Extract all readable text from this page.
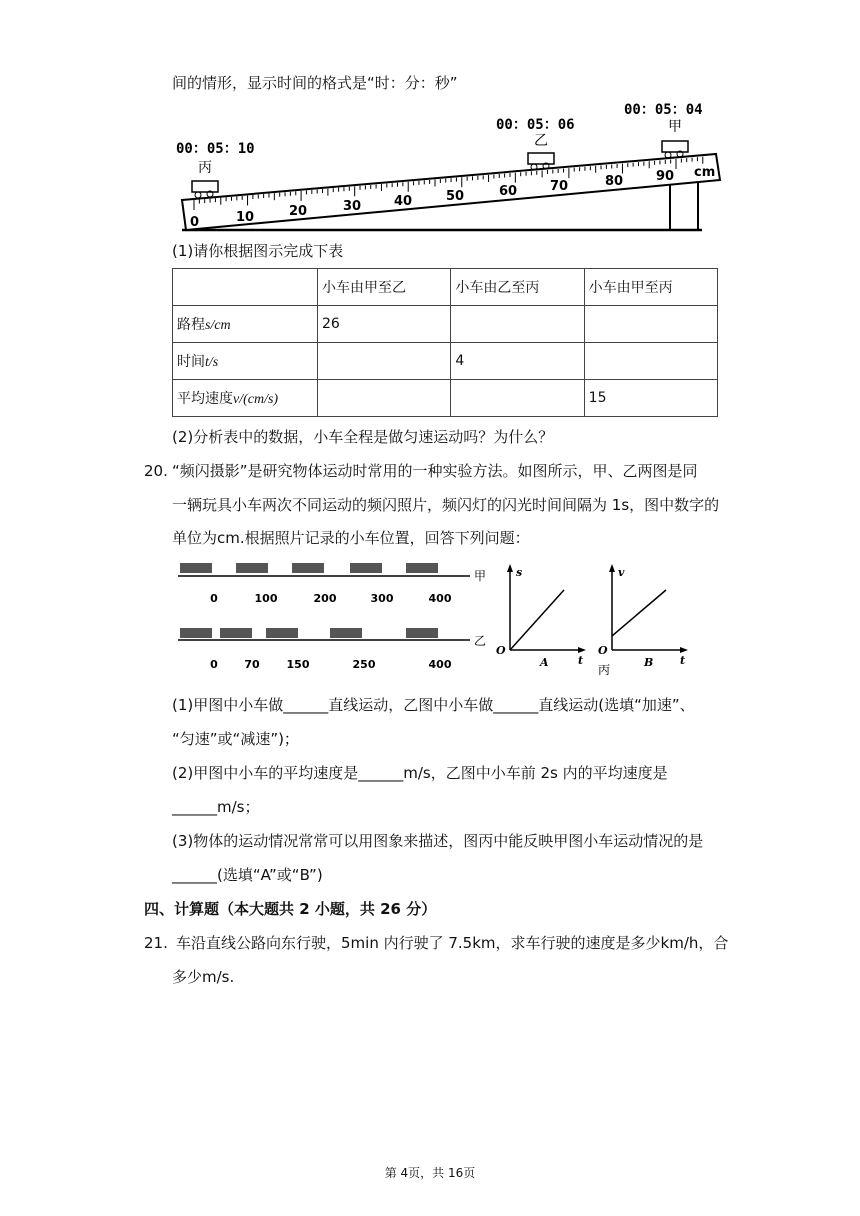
间的情形，显示时间的格式是“时：分：秒”
00：05：10
00：05：06
00：05：04
丙
乙
甲
0	10	20	30	40	50	60	70	80	90 cm
(1)请你根据图示完成下表
	小车由甲至乙	小车由乙至丙	小车由甲至丙
路程s/cm	26		
时间t/s		4	
平均速度v/(cm/s)			15
(2)分析表中的数据，小车全程是做匀速运动吗？为什么？
20. “频闪摄影”是研究物体运动时常用的一种实验方法。如图所示，甲、乙两图是同
一辆玩具小车两次不同运动的频闪照片，频闪灯的闪光时间间隔为 1s，图中数字的
单位为cm.根据照片记录的小车位置，回答下列问题：
0	100	200	300	400
甲
0 70 150	250	400
乙
s
O
t
A
v
O
t
B
丙
(1)甲图中小车做______直线运动，乙图中小车做______直线运动(选填“加速”、
“匀速”或“减速”)；
(2)甲图中小车的平均速度是______m/s，乙图中小车前 2s 内的平均速度是
______m/s；
(3)物体的运动情况常常可以用图象来描述，图丙中能反映甲图小车运动情况的是
______(选填“A”或“B”)
四、计算题（本大题共 2 小题，共 26 分）
21. 车沿直线公路向东行驶，5min 内行驶了 7.5km，求车行驶的速度是多少km/h，合
多少m/s.
第 4页，共 16页
